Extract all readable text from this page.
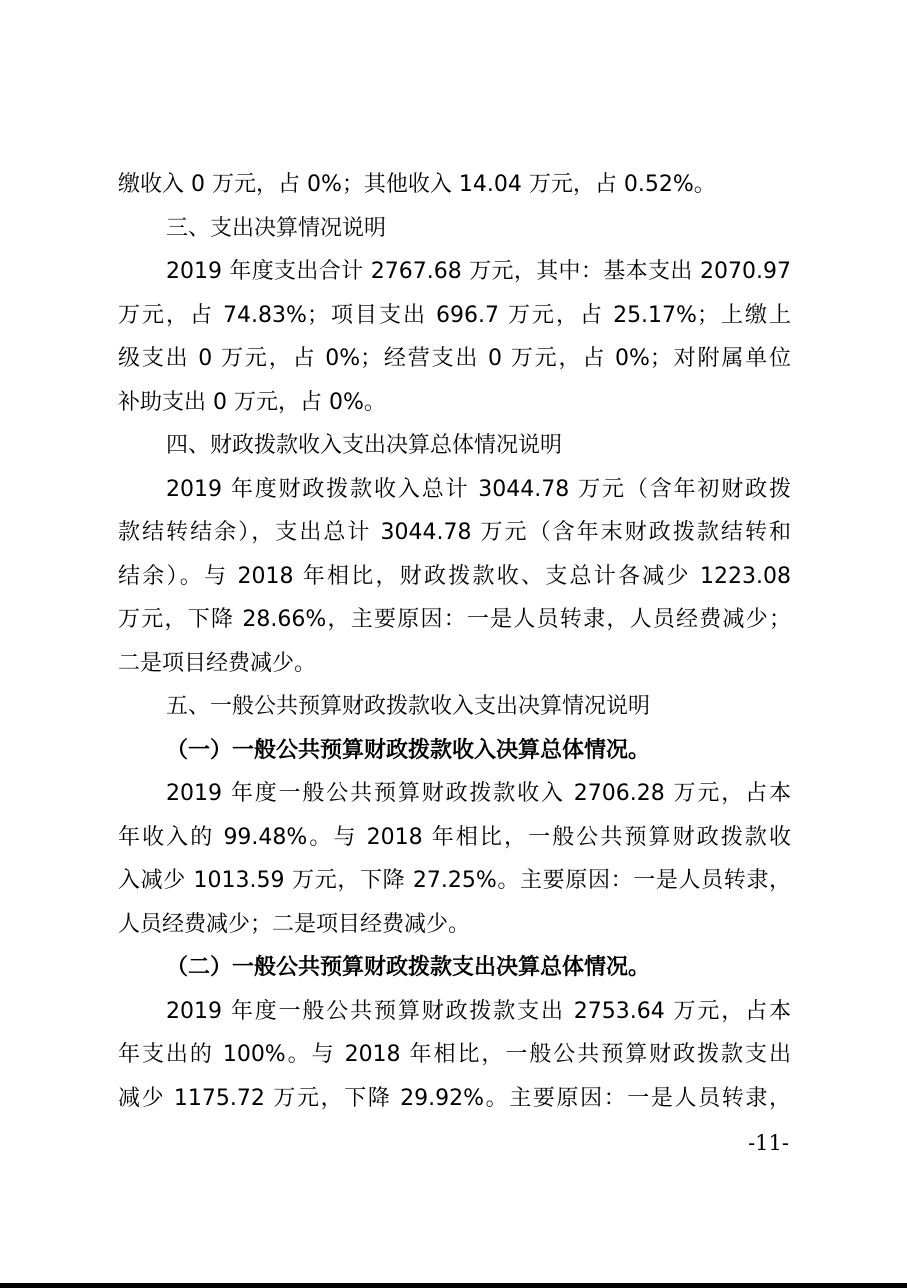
缴收入 0 万元，占 0%；其他收入 14.04 万元，占 0.52%。
三、支出决算情况说明
2019 年度支出合计 2767.68 万元，其中：基本支出 2070.97
万元，占 74.83%；项目支出 696.7 万元，占 25.17%；上缴上
级支出 0 万元，占 0%；经营支出 0 万元，占 0%；对附属单位
补助支出 0 万元，占 0%。
四、财政拨款收入支出决算总体情况说明
2019 年度财政拨款收入总计 3044.78 万元（含年初财政拨
款结转结余），支出总计 3044.78 万元（含年末财政拨款结转和
结余）。与 2018 年相比，财政拨款收、支总计各减少 1223.08
万元，下降 28.66%，主要原因：一是人员转隶，人员经费减少；
二是项目经费减少。
五、一般公共预算财政拨款收入支出决算情况说明
（一）一般公共预算财政拨款收入决算总体情况。
2019 年度一般公共预算财政拨款收入 2706.28 万元，占本
年收入的 99.48%。与 2018 年相比，一般公共预算财政拨款收
入减少 1013.59 万元，下降 27.25%。主要原因：一是人员转隶，
人员经费减少；二是项目经费减少。
（二）一般公共预算财政拨款支出决算总体情况。
2019 年度一般公共预算财政拨款支出 2753.64 万元，占本
年支出的 100%。与 2018 年相比，一般公共预算财政拨款支出
减少 1175.72 万元，下降 29.92%。主要原因：一是人员转隶，
-11-
